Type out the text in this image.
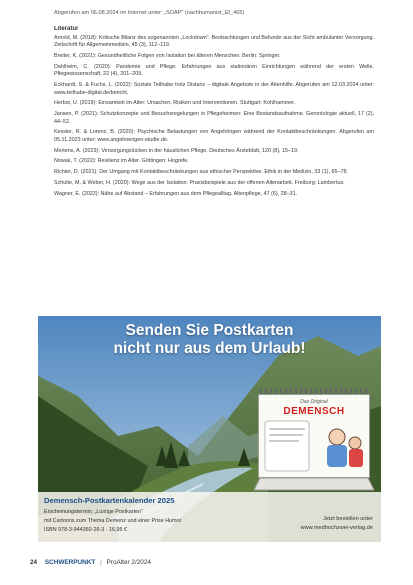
Abgerufen am 06.08.2024 im Internet unter: „SOAP“ (nachhumanist_Ef_465)
Literatur

Arnold, M. (2018): Kritische Bilanz des sogenannten „Lockdown“: Beobachtungen und Befunde aus der Sicht ambulanter Versorgung. Zeitschrift für Allgemeinmedizin, 45 (3), 112–119.

Breiter, K. (2021): Gesundheitliche Folgen von Isolation bei älteren Menschen. Berlin: Springer.

Dahlheim, C. (2020): Pandemie und Pflege: Erfahrungen aus stationären Einrichtungen während der ersten Welle. Pflegewissenschaft, 22 (4), 201–209.

Eckhardt, S. & Fuchs, L. (2022): Soziale Teilhabe trotz Distanz – digitale Angebote in der Altenhilfe. Abgerufen am 12.03.2024 unter: www.teilhabe-digital.de/bericht.

Herbst, U. (2019): Einsamkeit im Alter: Ursachen, Risiken und Interventionen. Stuttgart: Kohlhammer.

Jansen, P. (2021): Schutzkonzepte und Besuchsregelungen in Pflegeheimen: Eine Bestandsaufnahme. Gerontologie aktuell, 17 (2), 44–52.

Kessler, R. & Lorenz, B. (2020): Psychische Belastungen von Angehörigen während der Kontaktbeschränkungen. Abgerufen am 05.11.2023 unter: www.angehoerigen-studie.de.

Mertens, A. (2023): Versorgungslücken in der häuslichen Pflege. Deutsches Ärzteblatt, 120 (8), 15–19.

Nowak, T. (2022): Resilienz im Alter. Göttingen: Hogrefe.

Richter, D. (2021): Der Umgang mit Kontaktbeschränkungen aus ethischer Perspektive. Ethik in der Medizin, 33 (1), 65–78.

Schulte, M. & Weber, H. (2020): Wege aus der Isolation: Praxisbeispiele aus der offenen Altenarbeit. Freiburg: Lambertus.

Wagner, E. (2022): Nähe auf Abstand – Erfahrungen aus dem Pflegealltag. Altenpflege, 47 (6), 28–31.

Senden Sie Postkarten
nicht nur aus dem Urlaub!
Das Original
DEMENSCH
Demensch-Postkartenkalender 2025
Erscheinungstermin: „Lustige Postkarten“
mit Cartoons zum Thema Demenz und einer Prise Humor
ISBN 978-3-944360-26-3 · 16,95 €
Jetzt bestellen unter
www.medhochzwei-verlag.de
24 SCHWERPUNKT | ProAlter 2/2024
